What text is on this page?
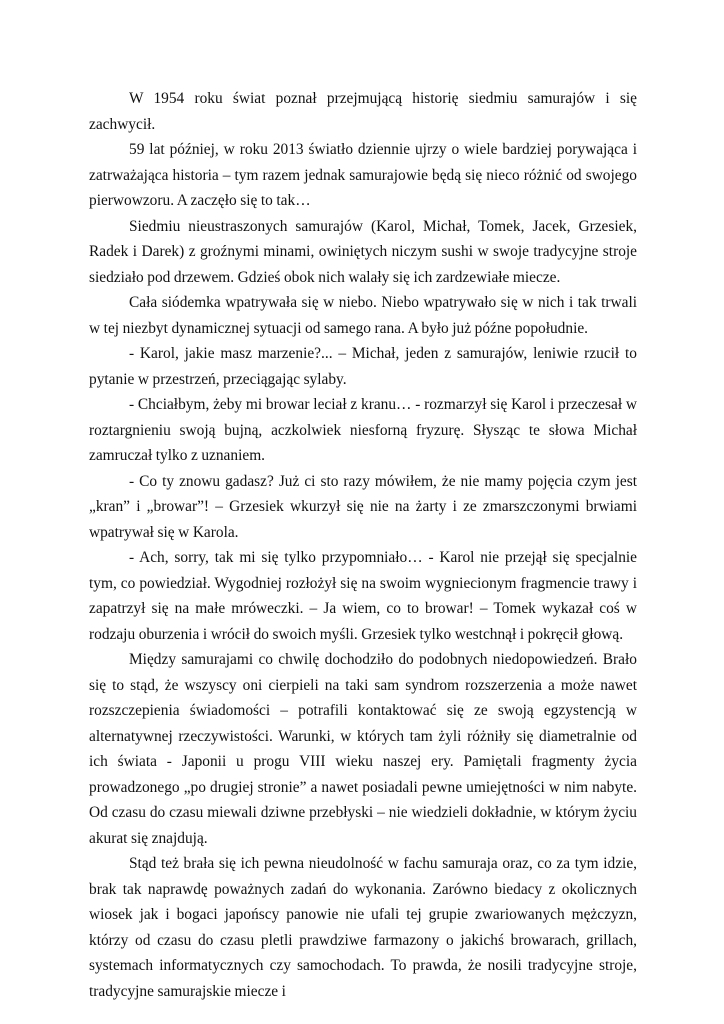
W 1954 roku świat poznał przejmującą historię siedmiu samurajów i się zachwycił.

59 lat później, w roku 2013 światło dziennie ujrzy o wiele bardziej porywająca i zatrważająca historia – tym razem jednak samurajowie będą się nieco różnić od swojego pierwowzoru. A zaczęło się to tak…

Siedmiu nieustraszonych samurajów (Karol, Michał, Tomek, Jacek, Grzesiek, Radek i Darek) z groźnymi minami, owiniętych niczym sushi w swoje tradycyjne stroje siedziało pod drzewem. Gdzieś obok nich walały się ich zardzewiałe miecze.

Cała siódemka wpatrywała się w niebo. Niebo wpatrywało się w nich i tak trwali w tej niezbyt dynamicznej sytuacji od samego rana. A było już późne popołudnie.

- Karol, jakie masz marzenie?... – Michał, jeden z samurajów, leniwie rzucił to pytanie w przestrzeń, przeciągając sylaby.

- Chciałbym, żeby mi browar leciał z kranu… - rozmarzył się Karol i przeczesał w roztargnieniu swoją bujną, aczkolwiek niesforną fryzurę. Słysząc te słowa Michał zamruczał tylko z uznaniem.

- Co ty znowu gadasz? Już ci sto razy mówiłem, że nie mamy pojęcia czym jest „kran” i „browar”! – Grzesiek wkurzył się nie na żarty i ze zmarszczonymi brwiami wpatrywał się w Karola.

- Ach, sorry, tak mi się tylko przypomniało… - Karol nie przejął się specjalnie tym, co powiedział. Wygodniej rozłożył się na swoim wygniecionym fragmencie trawy i zapatrzył się na małe mróweczki. – Ja wiem, co to browar! – Tomek wykazał coś w rodzaju oburzenia i wrócił do swoich myśli. Grzesiek tylko westchnął i pokręcił głową.

Między samurajami co chwilę dochodziło do podobnych niedopowiedzeń. Brało się to stąd, że wszyscy oni cierpieli na taki sam syndrom rozszerzenia a może nawet rozszczepienia świadomości – potrafili kontaktować się ze swoją egzystencją w alternatywnej rzeczywistości. Warunki, w których tam żyli różniły się diametralnie od ich świata - Japonii u progu VIII wieku naszej ery. Pamiętali fragmenty życia prowadzonego „po drugiej stronie” a nawet posiadali pewne umiejętności w nim nabyte. Od czasu do czasu miewali dziwne przebłyski – nie wiedzieli dokładnie, w którym życiu akurat się znajdują.

Stąd też brała się ich pewna nieudolność w fachu samuraja oraz, co za tym idzie, brak tak naprawdę poważnych zadań do wykonania. Zarówno biedacy z okolicznych wiosek jak i bogaci japońscy panowie nie ufali tej grupie zwariowanych mężczyzn, którzy od czasu do czasu pletli prawdziwe farmazony o jakichś browarach, grillach, systemach informatycznych czy samochodach. To prawda, że nosili tradycyjne stroje, tradycyjne samurajskie miecze i
